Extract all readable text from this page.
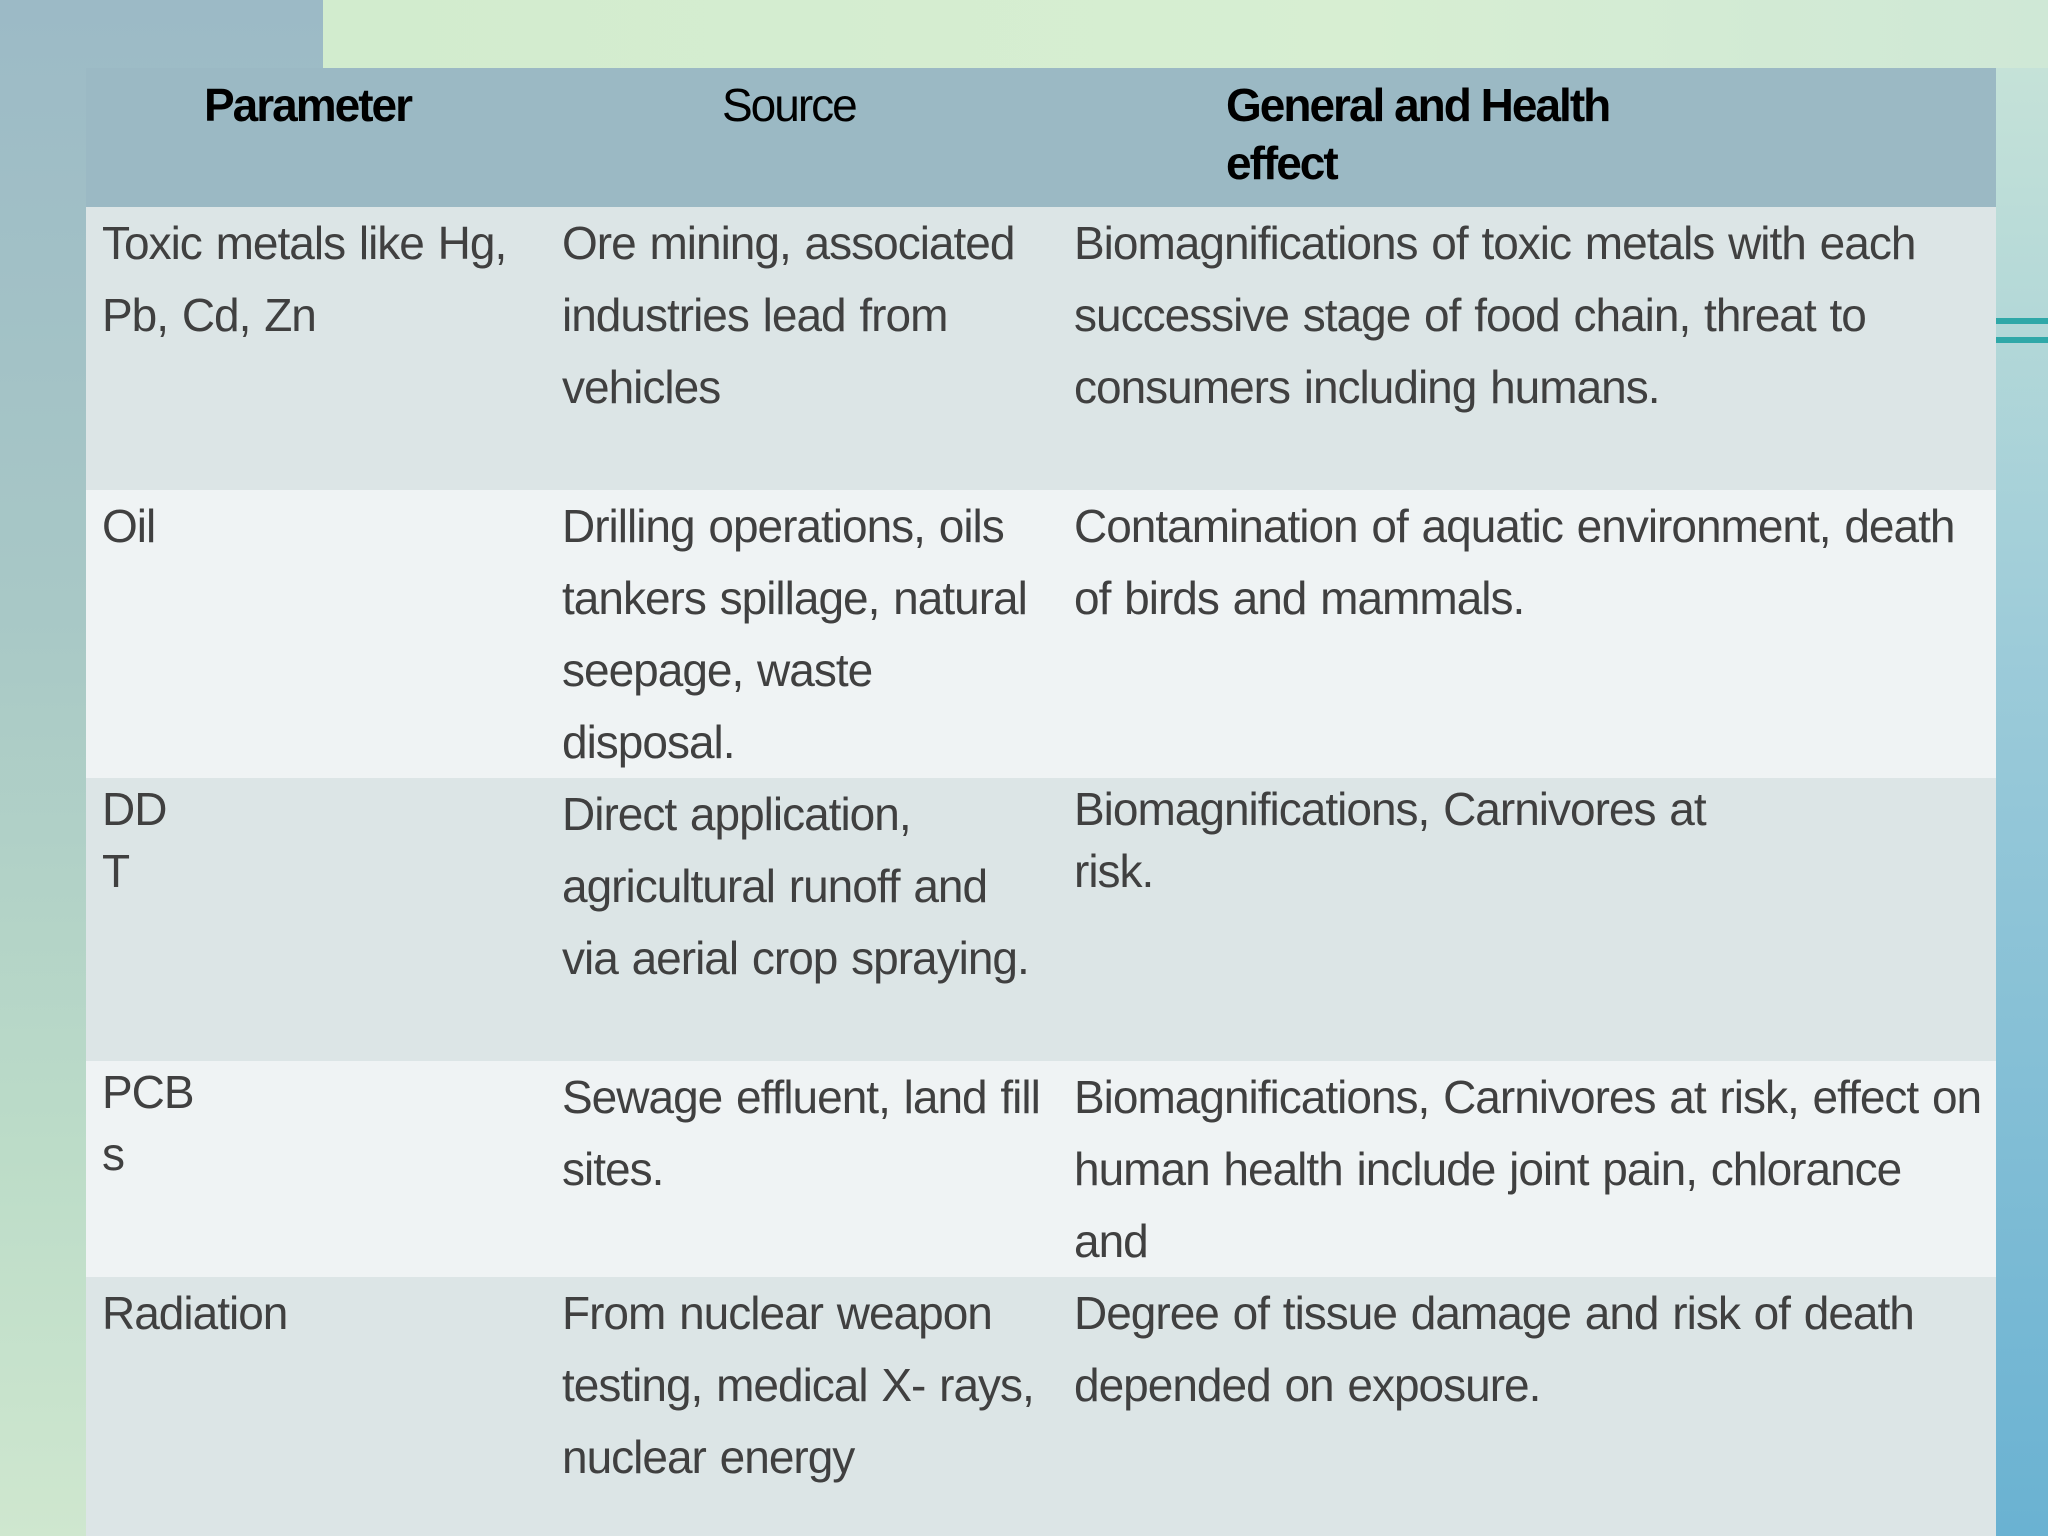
Parameter	Source	General and Health effect
Toxic metals like Hg, Pb, Cd, Zn	Ore mining, associated industries lead from vehicles	Biomagnifications of toxic metals with each successive stage of food chain, threat to consumers including humans.
Oil	Drilling operations, oils tankers spillage, natural seepage, waste disposal.	Contamination of aquatic environment, death of birds and mammals.
DDT	Direct application, agricultural runoff and via aerial crop spraying.	Biomagnifications, Carnivores at risk.
PCBs	Sewage effluent, land fill sites.	Biomagnifications, Carnivores at risk, effect on human health include joint pain, chlorance and
Radiation	From nuclear weapon testing, medical X- rays, nuclear energy	Degree of tissue damage and risk of death depended on exposure.
